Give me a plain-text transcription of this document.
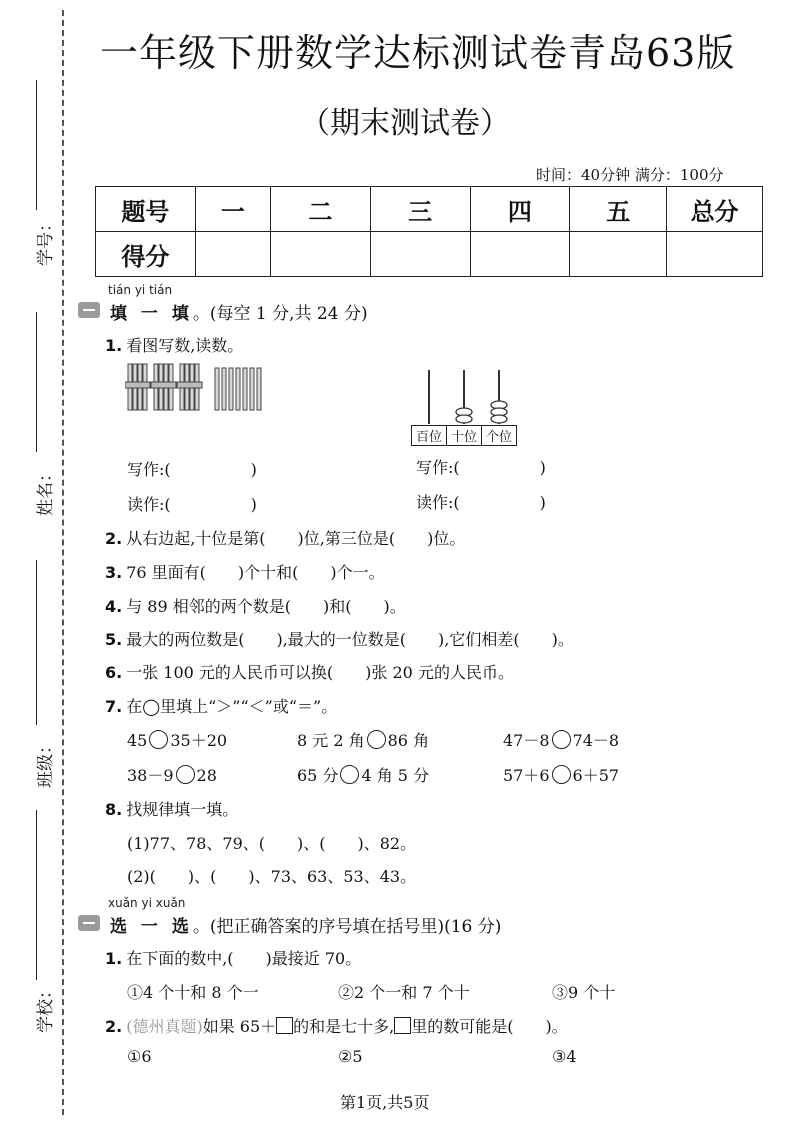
学号：
姓名：
班级：
学校：
一年级下册数学达标测试卷青岛63版
（期末测试卷）
时间：40分钟 满分：100分
题号	一	二	三	四	五	总分
得分						
tián yi tián
填 一 填。(每空 1 分,共 24 分)
1. 看图写数,读数。
百位 十位 个位
写作:(　　　　　)
读作:(　　　　　)
写作:(　　　　　)
读作:(　　　　　)
2. 从右边起,十位是第(　　)位,第三位是(　　)位。
3. 76 里面有(　　)个十和(　　)个一。
4. 与 89 相邻的两个数是(　　)和(　　)。
5. 最大的两位数是(　　),最大的一位数是(　　),它们相差(　　)。
6. 一张 100 元的人民币可以换(　　)张 20 元的人民币。
7. 在◯里填上“＞”“＜”或“＝”。
45 35＋20	8 元 2 角 86 角	47－8 74－8
38－9 28	65 分 4 角 5 分	57＋6 6＋57
8. 找规律填一填。
(1)77、78、79、(　　)、(　　)、82。
(2)(　　)、(　　)、73、63、53、43。
xuǎn yi xuǎn
选 一 选。(把正确答案的序号填在括号里)(16 分)
1. 在下面的数中,(　　)最接近 70。
①4 个十和 8 个一	②2 个一和 7 个十	③9 个十
2. (德州真题)如果 65＋ 的和是七十多, 里的数可能是(　　)。
①6	②5	③4
第1页,共5页
